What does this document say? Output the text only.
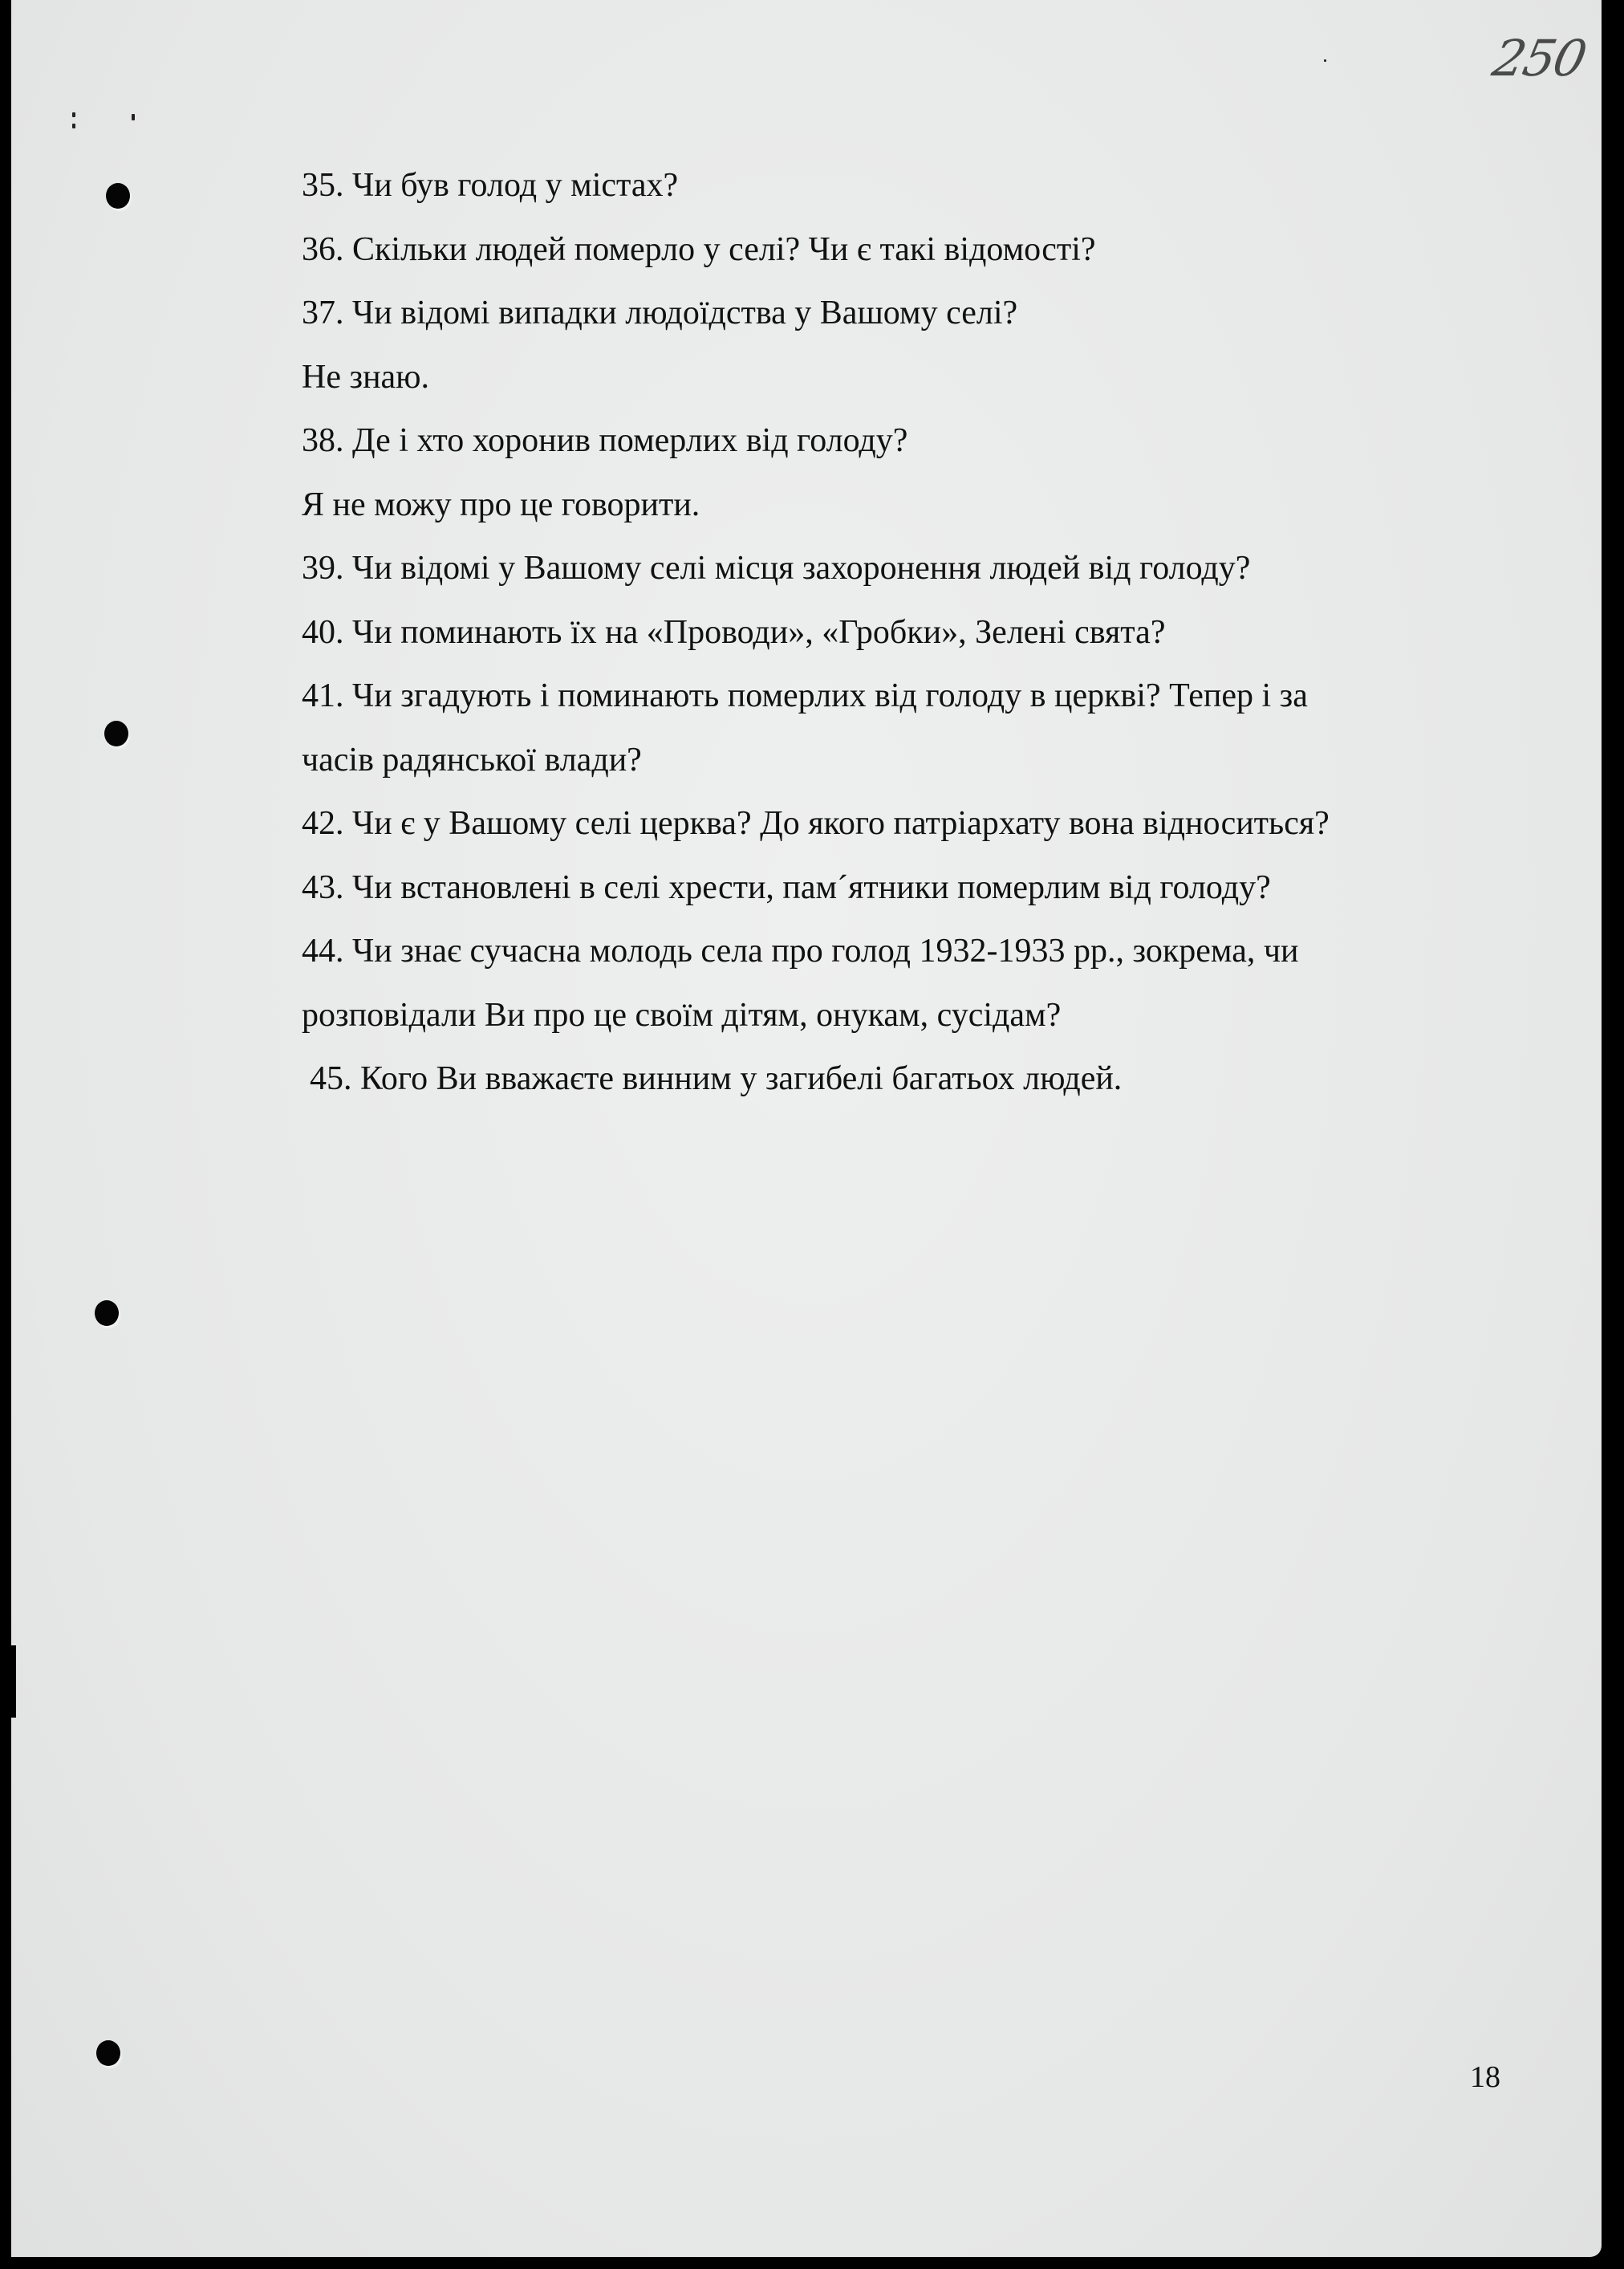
250
35. Чи був голод у містах?
36. Скільки людей померло у селі? Чи є такі відомості?
37. Чи відомі випадки людоїдства у Вашому селі?
Не знаю.
38. Де і хто хоронив померлих від голоду?
Я не можу про це говорити.
39. Чи відомі у Вашому селі місця захоронення людей від голоду?
40. Чи поминають їх на «Проводи», «Гробки», Зелені свята?
41. Чи згадують і поминають померлих від голоду в церкві? Тепер і за
часів радянської влади?
42. Чи є у Вашому селі церква? До якого патріархату вона відноситься?
43. Чи встановлені в селі хрести, пам´ятники померлим від голоду?
44. Чи знає сучасна молодь села про голод 1932-1933 рр., зокрема, чи
розповідали Ви про це своїм дітям, онукам, сусідам?
45. Кого Ви вважаєте винним у загибелі багатьох людей.
18
